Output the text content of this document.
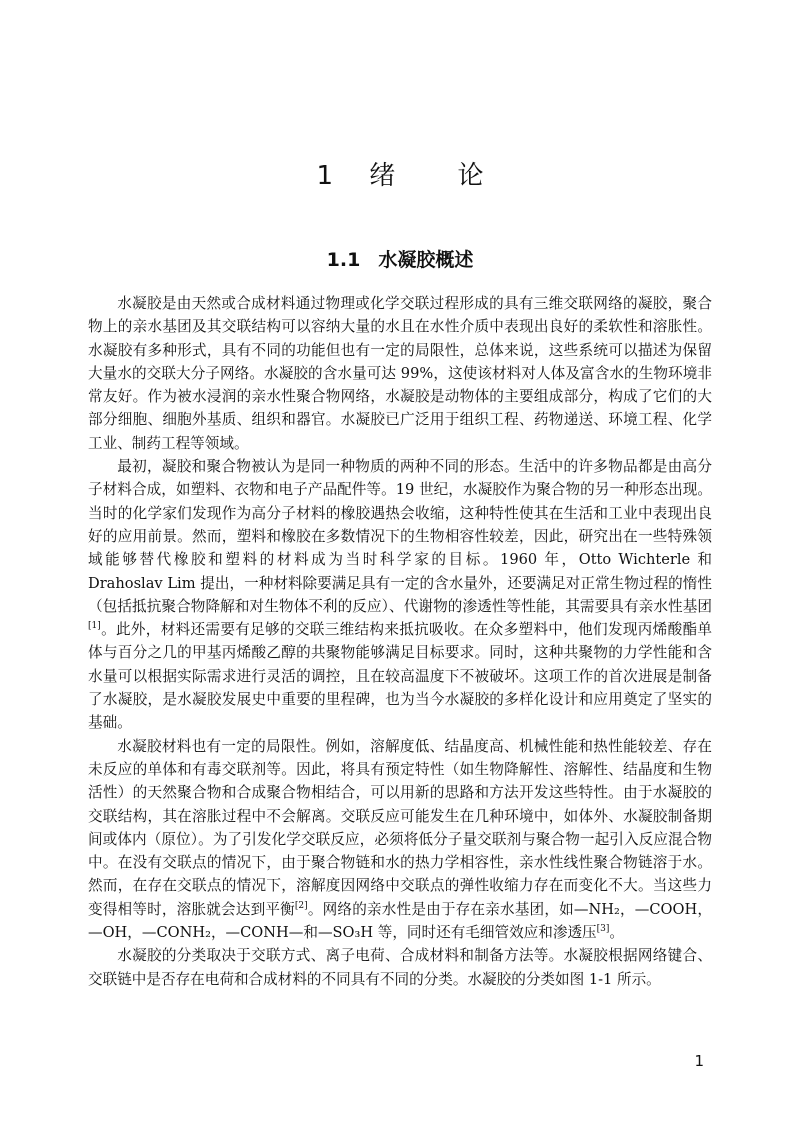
1 绪 论
1.1 水凝胶概述

水凝胶是由天然或合成材料通过物理或化学交联过程形成的具有三维交联网络的凝胶，聚合物上的亲水基团及其交联结构可以容纳大量的水且在水性介质中表现出良好的柔软性和溶胀性。水凝胶有多种形式，具有不同的功能但也有一定的局限性，总体来说，这些系统可以描述为保留大量水的交联大分子网络。水凝胶的含水量可达 99%，这使该材料对人体及富含水的生物环境非常友好。作为被水浸润的亲水性聚合物网络，水凝胶是动物体的主要组成部分，构成了它们的大部分细胞、细胞外基质、组织和器官。水凝胶已广泛用于组织工程、药物递送、环境工程、化学工业、制药工程等领域。

最初，凝胶和聚合物被认为是同一种物质的两种不同的形态。生活中的许多物品都是由高分子材料合成，如塑料、衣物和电子产品配件等。19 世纪，水凝胶作为聚合物的另一种形态出现。当时的化学家们发现作为高分子材料的橡胶遇热会收缩，这种特性使其在生活和工业中表现出良好的应用前景。然而，塑料和橡胶在多数情况下的生物相容性较差，因此，研究出在一些特殊领域能够替代橡胶和塑料的材料成为当时科学家的目标。1960 年，Otto Wichterle 和 Drahoslav Lim 提出，一种材料除要满足具有一定的含水量外，还要满足对正常生物过程的惰性（包括抵抗聚合物降解和对生物体不利的反应）、代谢物的渗透性等性能，其需要具有亲水性基团[1]。此外，材料还需要有足够的交联三维结构来抵抗吸收。在众多塑料中，他们发现丙烯酸酯单体与百分之几的甲基丙烯酸乙醇的共聚物能够满足目标要求。同时，这种共聚物的力学性能和含水量可以根据实际需求进行灵活的调控，且在较高温度下不被破坏。这项工作的首次进展是制备了水凝胶，是水凝胶发展史中重要的里程碑，也为当今水凝胶的多样化设计和应用奠定了坚实的基础。

水凝胶材料也有一定的局限性。例如，溶解度低、结晶度高、机械性能和热性能较差、存在未反应的单体和有毒交联剂等。因此，将具有预定特性（如生物降解性、溶解性、结晶度和生物活性）的天然聚合物和合成聚合物相结合，可以用新的思路和方法开发这些特性。由于水凝胶的交联结构，其在溶胀过程中不会解离。交联反应可能发生在几种环境中，如体外、水凝胶制备期间或体内（原位）。为了引发化学交联反应，必须将低分子量交联剂与聚合物一起引入反应混合物中。在没有交联点的情况下，由于聚合物链和水的热力学相容性，亲水性线性聚合物链溶于水。然而，在存在交联点的情况下，溶解度因网络中交联点的弹性收缩力存在而变化不大。当这些力变得相等时，溶胀就会达到平衡[2]。网络的亲水性是由于存在亲水基团，如—NH₂，—COOH，—OH，—CONH₂，—CONH—和—SO₃H 等，同时还有毛细管效应和渗透压[3]。

水凝胶的分类取决于交联方式、离子电荷、合成材料和制备方法等。水凝胶根据网络键合、交联链中是否存在电荷和合成材料的不同具有不同的分类。水凝胶的分类如图 1-1 所示。

1
